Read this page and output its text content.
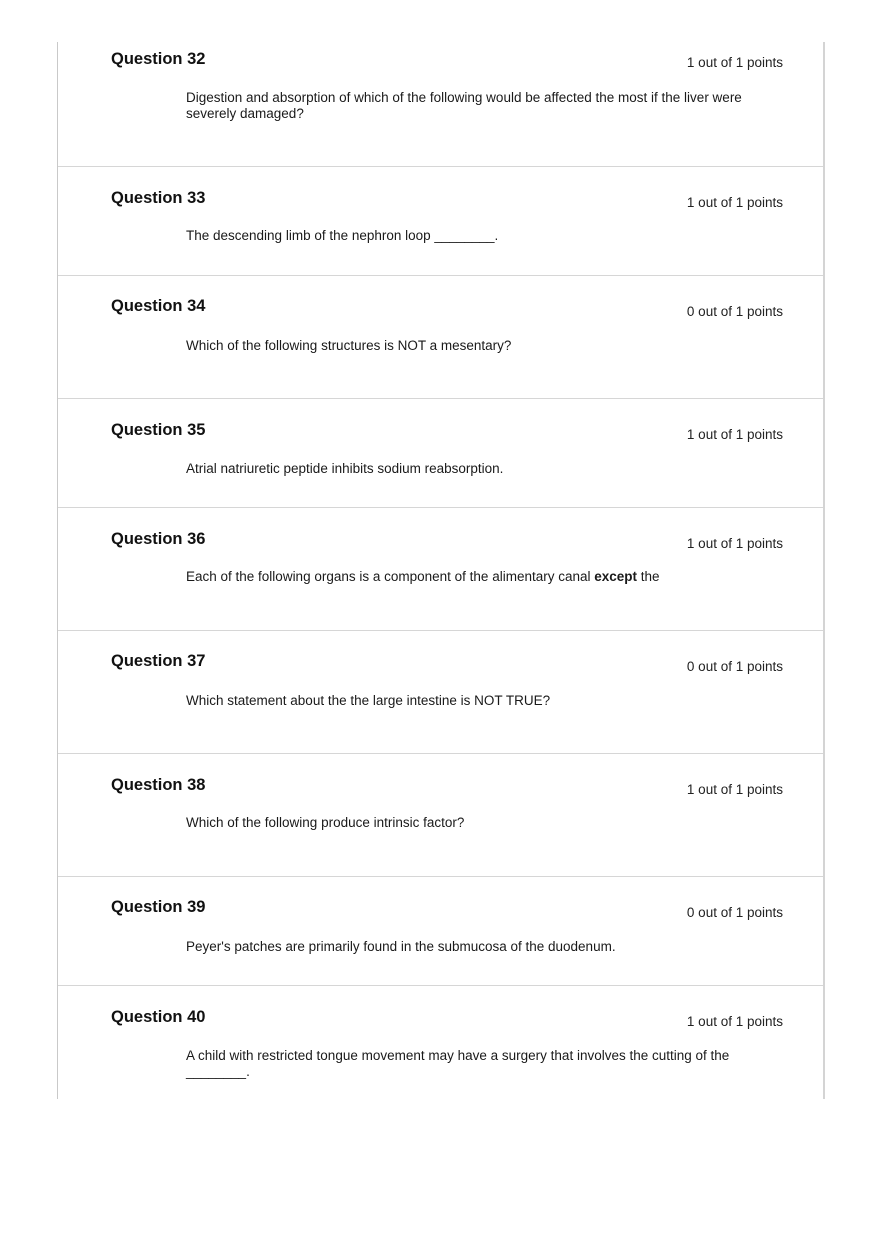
Question 32	1 out of 1 points
Digestion and absorption of which of the following would be affected the most if the liver were severely damaged?
Question 33	1 out of 1 points
The descending limb of the nephron loop ________.
Question 34	0 out of 1 points
Which of the following structures is NOT a mesentary?
Question 35	1 out of 1 points
Atrial natriuretic peptide inhibits sodium reabsorption.
Question 36	1 out of 1 points
Each of the following organs is a component of the alimentary canal except the
Question 37	0 out of 1 points
Which statement about the the large intestine is NOT TRUE?
Question 38	1 out of 1 points
Which of the following produce intrinsic factor?
Question 39	0 out of 1 points
Peyer's patches are primarily found in the submucosa of the duodenum.
Question 40	1 out of 1 points
A child with restricted tongue movement may have a surgery that involves the cutting of the ________.
